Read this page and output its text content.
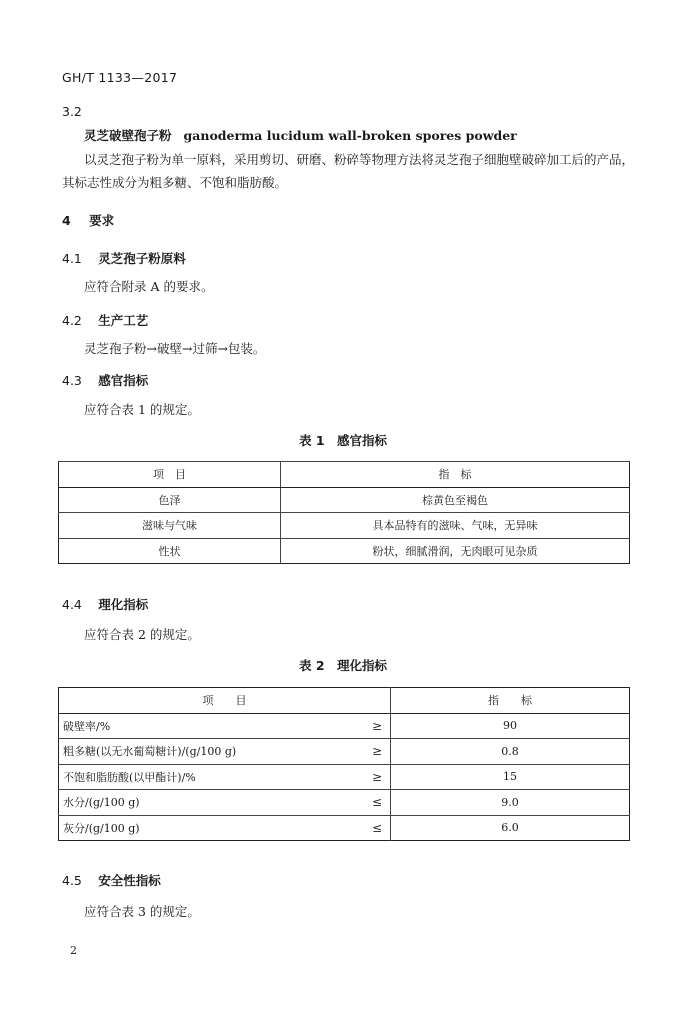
GH/T 1133—2017
3.2
灵芝破壁孢子粉 ganoderma lucidum wall-broken spores powder
以灵芝孢子粉为单一原料，采用剪切、研磨、粉碎等物理方法将灵芝孢子细胞壁破碎加工后的产品，
其标志性成分为粗多糖、不饱和脂肪酸。
4 要求
4.1 灵芝孢子粉原料
应符合附录 A 的要求。
4.2 生产工艺
灵芝孢子粉→破壁→过筛→包装。
4.3 感官指标
应符合表 1 的规定。
表 1　感官指标
项　目	指　标
色泽	棕黄色至褐色
滋味与气味	具本品特有的滋味、气味，无异味
性状	粉状，细腻滑润，无肉眼可见杂质
4.4 理化指标
应符合表 2 的规定。
表 2　理化指标
项　　目		指　　标
破壁率/%	≥	90
粗多糖(以无水葡萄糖计)/(g/100 g)	≥	0.8
不饱和脂肪酸(以甲酯计)/%	≥	15
水分/(g/100 g)	≤	9.0
灰分/(g/100 g)	≤	6.0
4.5 安全性指标
应符合表 3 的规定。
2
